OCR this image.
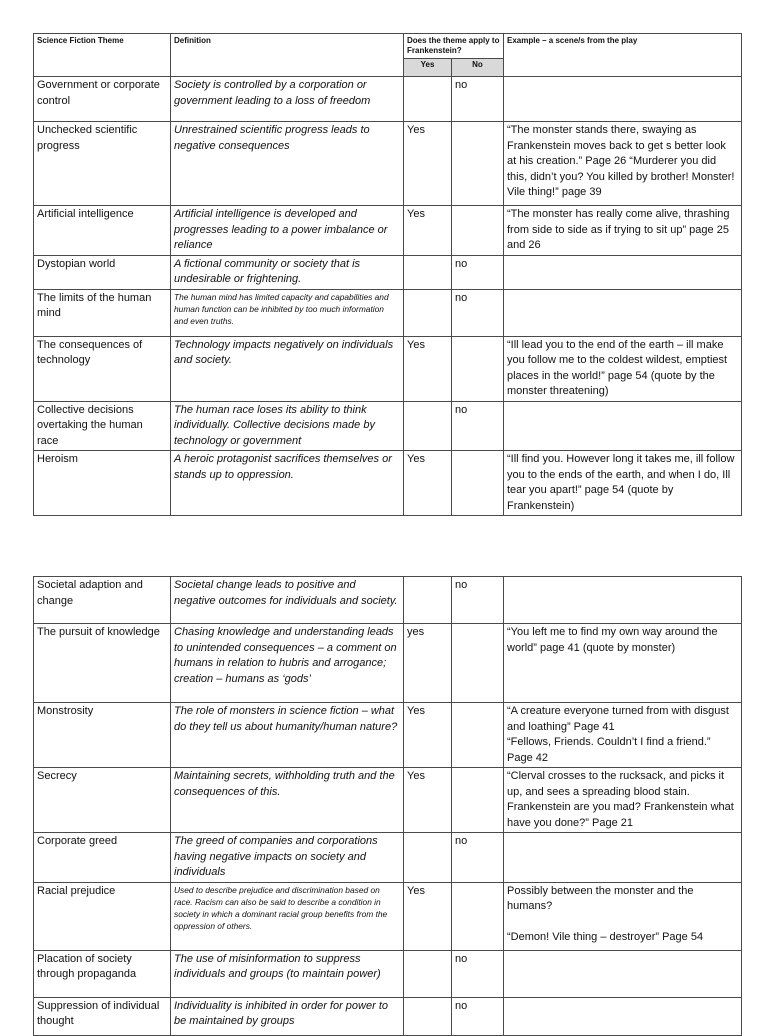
Science Fiction Theme	Definition	Does the theme apply to Frankenstein?		Example – a scene/s from the play
		Yes	No	
Government or corporate control	Society is controlled by a corporation or government leading to a loss of freedom		no	
Unchecked scientific progress	Unrestrained scientific progress leads to negative consequences	Yes		“The monster stands there, swaying as Frankenstein moves back to get s better look at his creation.” Page 26 “Murderer you did this, didn’t you? You killed by brother! Monster! Vile thing!” page 39
Artificial intelligence	Artificial intelligence is developed and progresses leading to a power imbalance or reliance	Yes		“The monster has really come alive, thrashing from side to side as if trying to sit up” page 25 and 26
Dystopian world	A fictional community or society that is undesirable or frightening.		no	
The limits of the human mind	The human mind has limited capacity and capabilities and human function can be inhibited by too much information and even truths.		no	
The consequences of technology	Technology impacts negatively on individuals and society.	Yes		“Ill lead you to the end of the earth – ill make you follow me to the coldest wildest, emptiest places in the world!” page 54 (quote by the monster threatening)
Collective decisions overtaking the human race	The human race loses its ability to think individually. Collective decisions made by technology or government		no	
Heroism	A heroic protagonist sacrifices themselves or stands up to oppression.	Yes		“Ill find you. However long it takes me, ill follow you to the ends of the earth, and when I do, Ill tear you apart!” page 54 (quote by Frankenstein)
Societal adaption and change	Societal change leads to positive and negative outcomes for individuals and society.		no	
The pursuit of knowledge	Chasing knowledge and understanding leads to unintended consequences – a comment on humans in relation to hubris and arrogance; creation – humans as ‘gods’	yes		“You left me to find my own way around the world” page 41 (quote by monster)
Monstrosity	The role of monsters in science fiction – what do they tell us about humanity/human nature?	Yes		“A creature everyone turned from with disgust and loathing” Page 41
“Fellows, Friends. Couldn’t I find a friend.” Page 42
Secrecy	Maintaining secrets, withholding truth and the consequences of this.	Yes		“Clerval crosses to the rucksack, and picks it up, and sees a spreading blood stain. Frankenstein are you mad? Frankenstein what have you done?” Page 21
Corporate greed	The greed of companies and corporations having negative impacts on society and individuals		no	
Racial prejudice	Used to describe prejudice and discrimination based on race. Racism can also be said to describe a condition in society in which a dominant racial group benefits from the oppression of others.	Yes		Possibly between the monster and the humans?

“Demon! Vile thing – destroyer” Page 54
Placation of society through propaganda	The use of misinformation to suppress individuals and groups (to maintain power)		no	
Suppression of individual thought	Individuality is inhibited in order for power to be maintained by groups		no	
